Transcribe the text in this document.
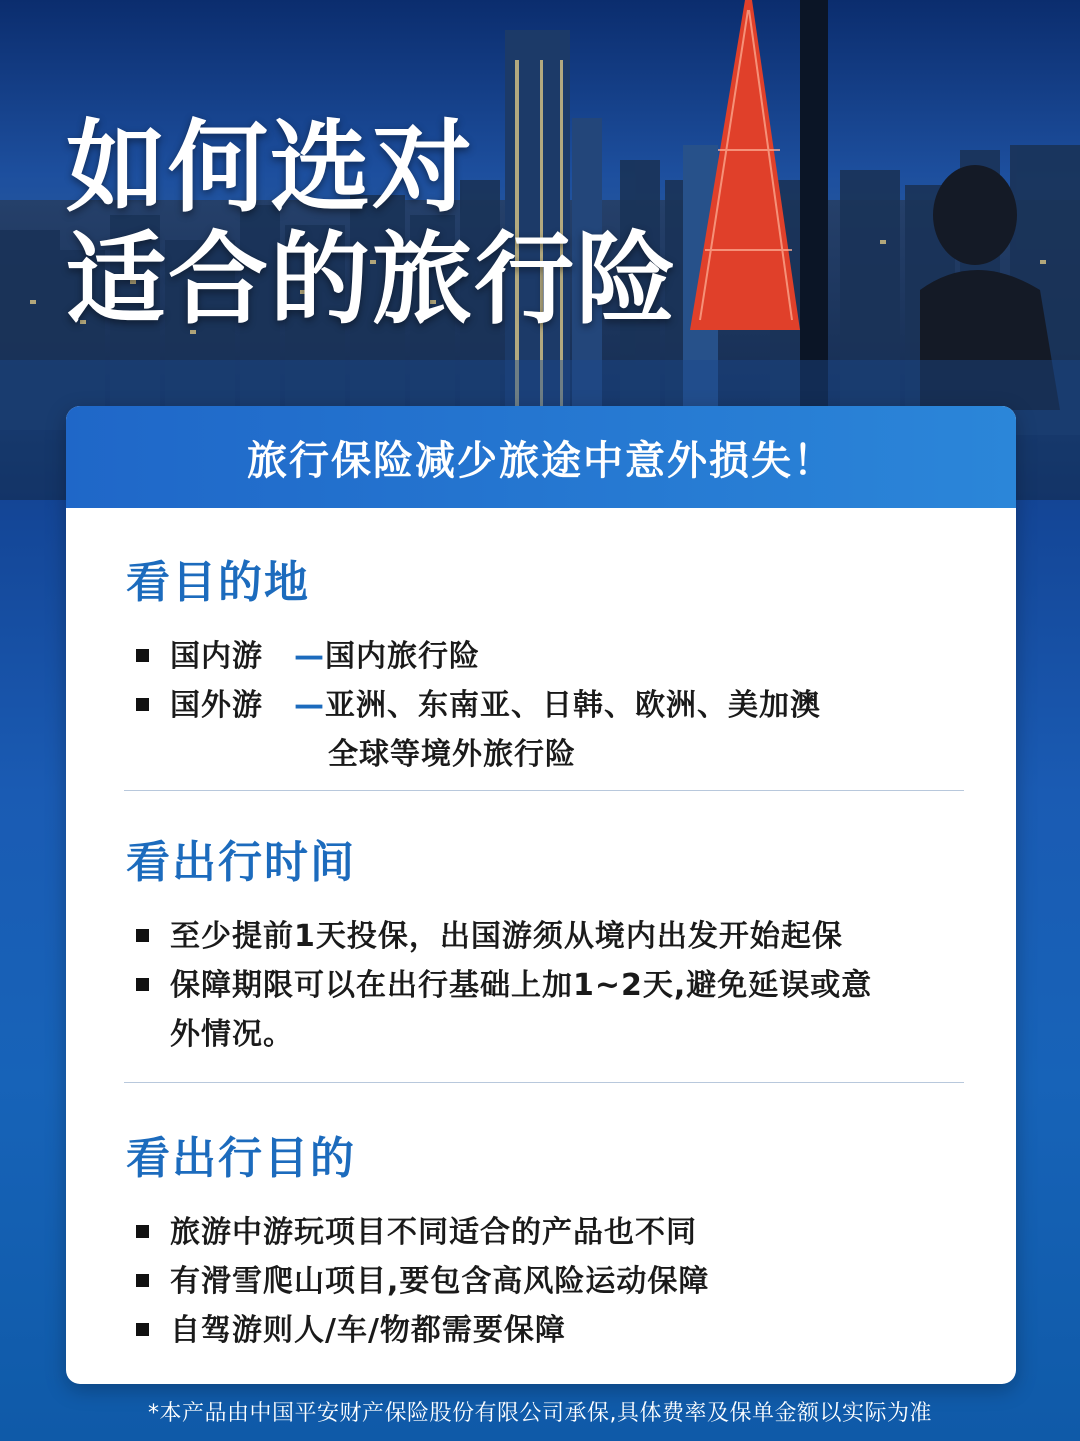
如何选对
适合的旅行险
旅行保险减少旅途中意外损失！
看目的地
国内游 —国内旅行险
国外游 —亚洲、东南亚、日韩、欧洲、美加澳
全球等境外旅行险
看出行时间
至少提前1天投保，出国游须从境内出发开始起保
保障期限可以在出行基础上加1~2天,避免延误或意
外情况。
看出行目的
旅游中游玩项目不同适合的产品也不同
有滑雪爬山项目,要包含高风险运动保障
自驾游则人/车/物都需要保障
*本产品由中国平安财产保险股份有限公司承保,具体费率及保单金额以实际为准
